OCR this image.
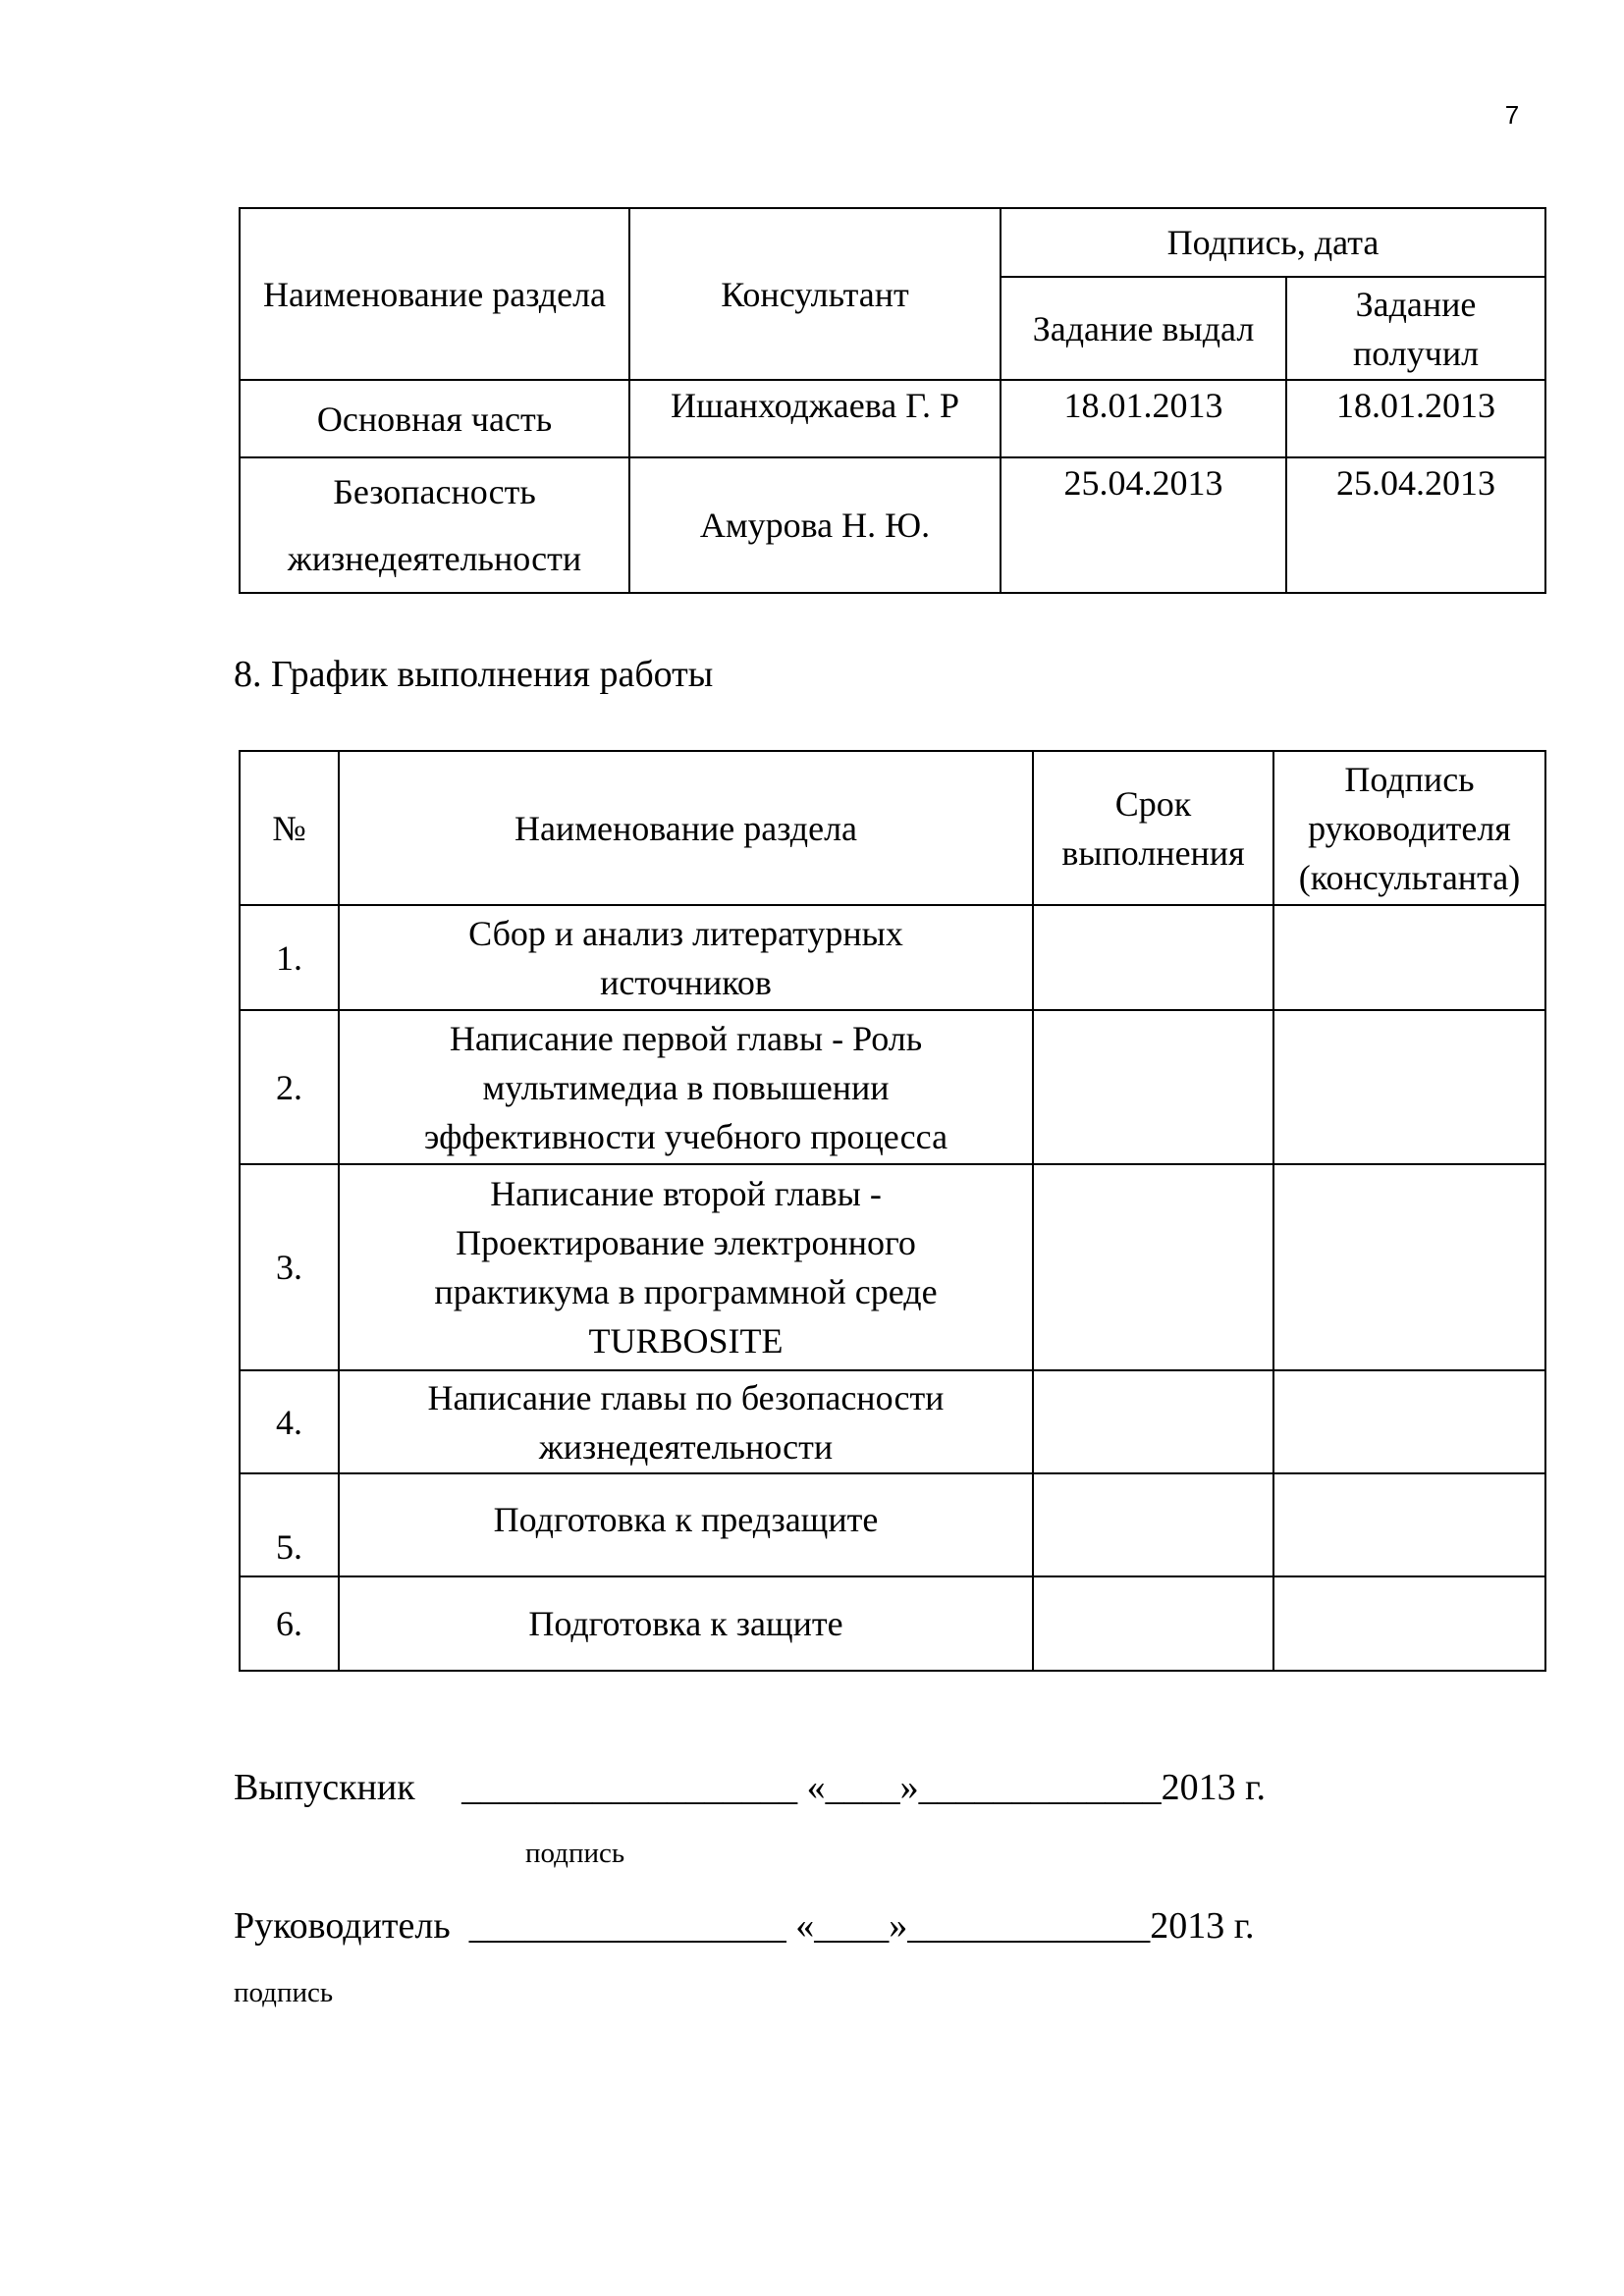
7
Наименование раздела	Консультант	Подпись, дата	
		Задание выдал	Задание получил
Основная часть	Ишанходжаева Г. Р	18.01.2013	18.01.2013
Безопасность жизнедеятельности	Амурова Н. Ю.	25.04.2013	25.04.2013
8. График выполнения работы
№	Наименование раздела	Срок выполнения	Подпись руководителя (консультанта)
1.	Сбор и анализ литературных источников		
2.	Написание первой главы - Роль мультимедиа в повышении эффективности учебного процесса		
3.	Написание второй главы - Проектирование электронного практикума в программной среде TURBOSITE		
4.	Написание главы по безопасности жизнедеятельности		
5.	Подготовка к предзащите		
6.	Подготовка к защите		
Выпускник     __________________ «____»_____________2013 г.
подпись
Руководитель  _________________ «____»_____________2013 г.
подпись
